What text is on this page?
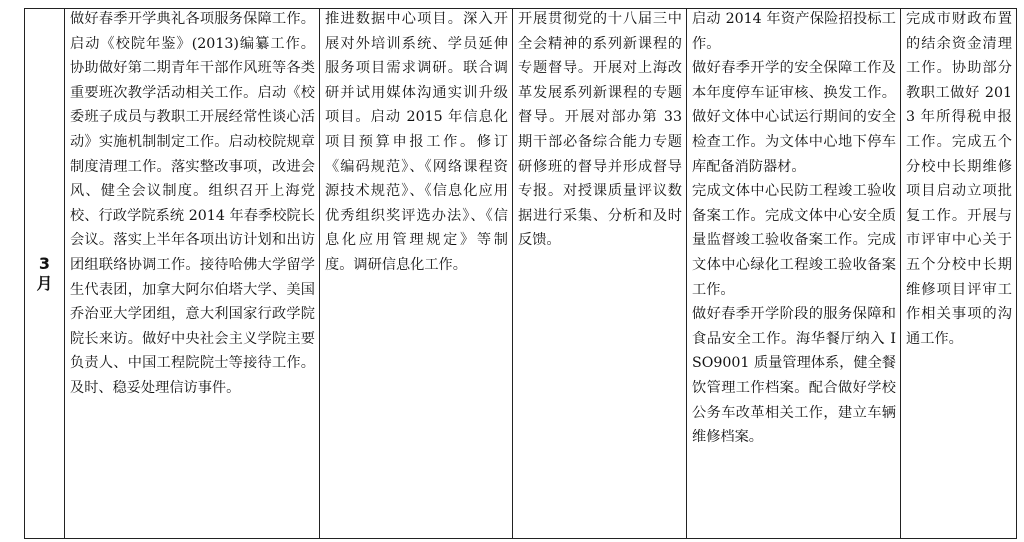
3
月

做好春季开学典礼各项服务保障工作。启动《校院年鉴》(2013)编纂工作。协助做好第二期青年干部作风班等各类重要班次教学活动相关工作。启动《校委班子成员与教职工开展经常性谈心活动》实施机制制定工作。启动校院规章制度清理工作。落实整改事项，改进会风、健全会议制度。组织召开上海党校、行政学院系统 2014 年春季校院长会议。落实上半年各项出访计划和出访团组联络协调工作。接待哈佛大学留学生代表团，加拿大阿尔伯塔大学、美国乔治亚大学团组，意大利国家行政学院院长来访。做好中央社会主义学院主要负责人、中国工程院院士等接待工作。及时、稳妥处理信访事件。

推进数据中心项目。深入开展对外培训系统、学员延伸服务项目需求调研。联合调研并试用媒体沟通实训升级项目。启动 2015 年信息化项目预算申报工作。修订《编码规范》、《网络课程资源技术规范》、《信息化应用优秀组织奖评选办法》、《信息化应用管理规定》等制度。调研信息化工作。

开展贯彻党的十八届三中全会精神的系列新课程的专题督导。开展对上海改革发展系列新课程的专题督导。开展对部办第 33 期干部必备综合能力专题研修班的督导并形成督导专报。对授课质量评议数据进行采集、分析和及时反馈。

启动 2014 年资产保险招投标工作。
做好春季开学的安全保障工作及本年度停车证审核、换发工作。做好文体中心试运行期间的安全检查工作。为文体中心地下停车库配备消防器材。
完成文体中心民防工程竣工验收备案工作。完成文体中心安全质量监督竣工验收备案工作。完成文体中心绿化工程竣工验收备案工作。
做好春季开学阶段的服务保障和食品安全工作。海华餐厅纳入 ISO9001 质量管理体系，健全餐饮管理工作档案。配合做好学校公务车改革相关工作，建立车辆维修档案。

完成市财政布置的结余资金清理工作。协助部分教职工做好 2013 年所得税申报工作。完成五个分校中长期维修项目启动立项批复工作。开展与市评审中心关于五个分校中长期维修项目评审工作相关事项的沟通工作。
